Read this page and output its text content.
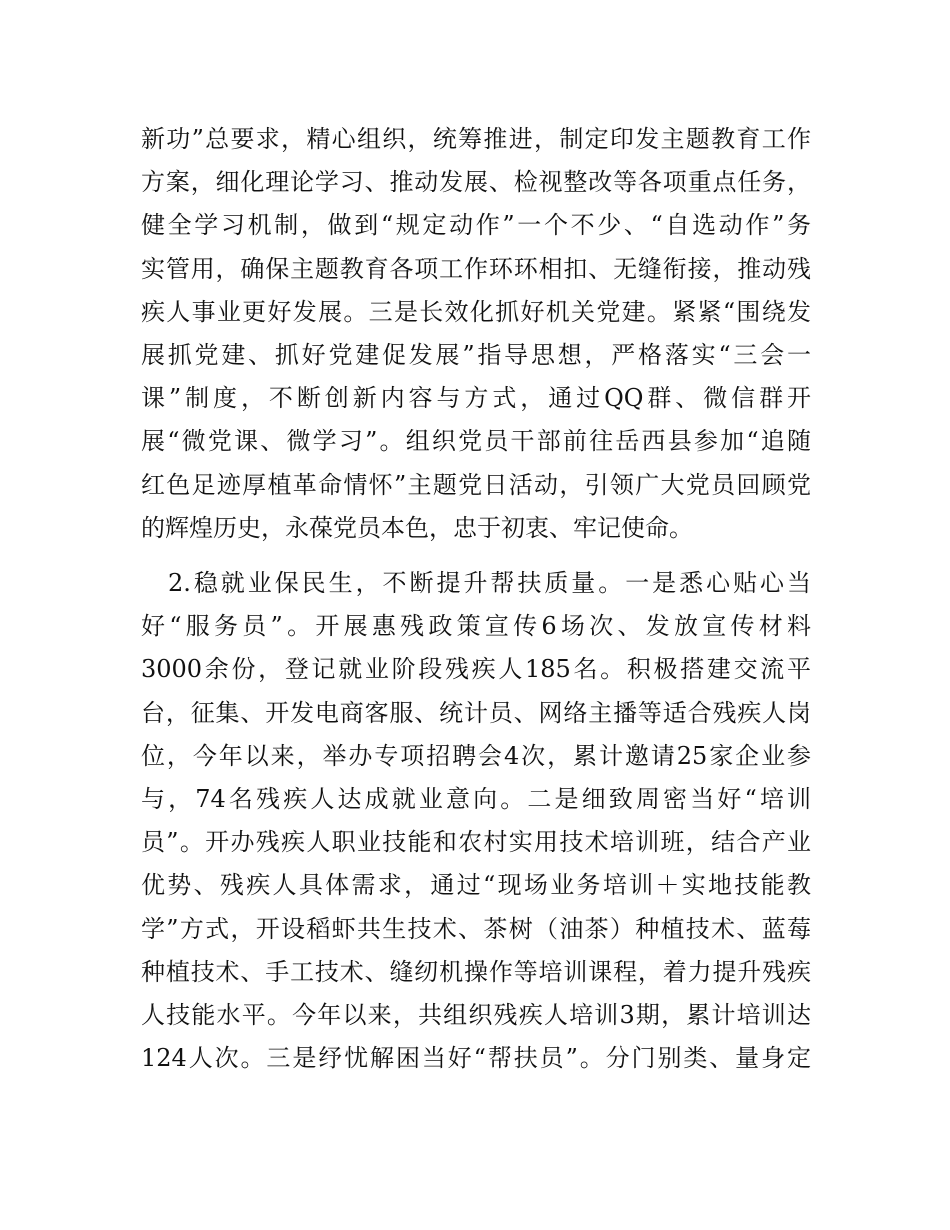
新功”总要求，精心组织，统筹推进，制定印发主题教育工作
方案，细化理论学习、推动发展、检视整改等各项重点任务，
健全学习机制，做到“规定动作”一个不少、“自选动作”务
实管用，确保主题教育各项工作环环相扣、无缝衔接，推动残
疾人事业更好发展。三是长效化抓好机关党建。紧紧“围绕发
展抓党建、抓好党建促发展”指导思想，严格落实“三会一
课”制度，不断创新内容与方式，通过QQ群、微信群开
展“微党课、微学习”。组织党员干部前往岳西县参加“追随
红色足迹厚植革命情怀”主题党日活动，引领广大党员回顾党
的辉煌历史，永葆党员本色，忠于初衷、牢记使命。
　2.稳就业保民生，不断提升帮扶质量。一是悉心贴心当
好“服务员”。开展惠残政策宣传6场次、发放宣传材料
3000余份，登记就业阶段残疾人185名。积极搭建交流平
台，征集、开发电商客服、统计员、网络主播等适合残疾人岗
位，今年以来，举办专项招聘会4次，累计邀请25家企业参
与，74名残疾人达成就业意向。二是细致周密当好“培训
员”。开办残疾人职业技能和农村实用技术培训班，结合产业
优势、残疾人具体需求，通过“现场业务培训＋实地技能教
学”方式，开设稻虾共生技术、茶树（油茶）种植技术、蓝莓
种植技术、手工技术、缝纫机操作等培训课程，着力提升残疾
人技能水平。今年以来，共组织残疾人培训3期，累计培训达
124人次。三是纾忧解困当好“帮扶员”。分门别类、量身定
